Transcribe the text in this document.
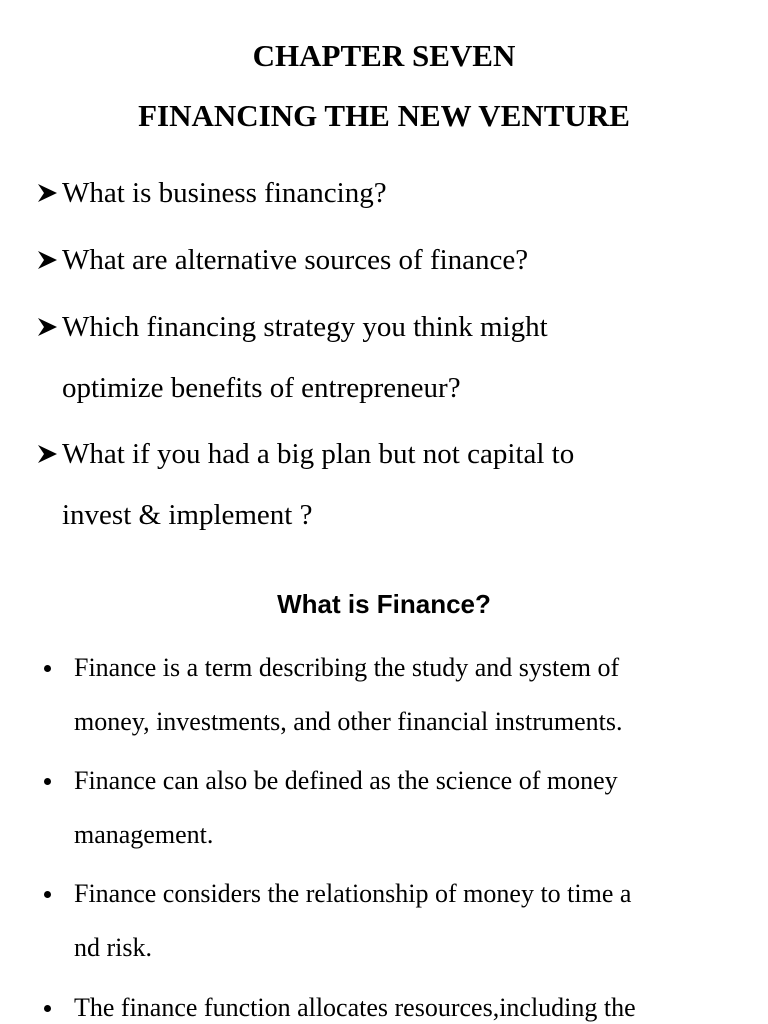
CHAPTER SEVEN
FINANCING THE NEW VENTURE
What is business financing?
What are alternative sources of finance?
Which financing strategy you think might
optimize benefits of entrepreneur?
What if you had a big plan but not capital to
invest & implement ?
What is Finance?
Finance is a term describing the study and system of
money, investments, and other financial instruments.
Finance can also be defined as the science of money
management.
Finance considers the relationship of money to time a
nd risk.
The finance function allocates resources,including the
